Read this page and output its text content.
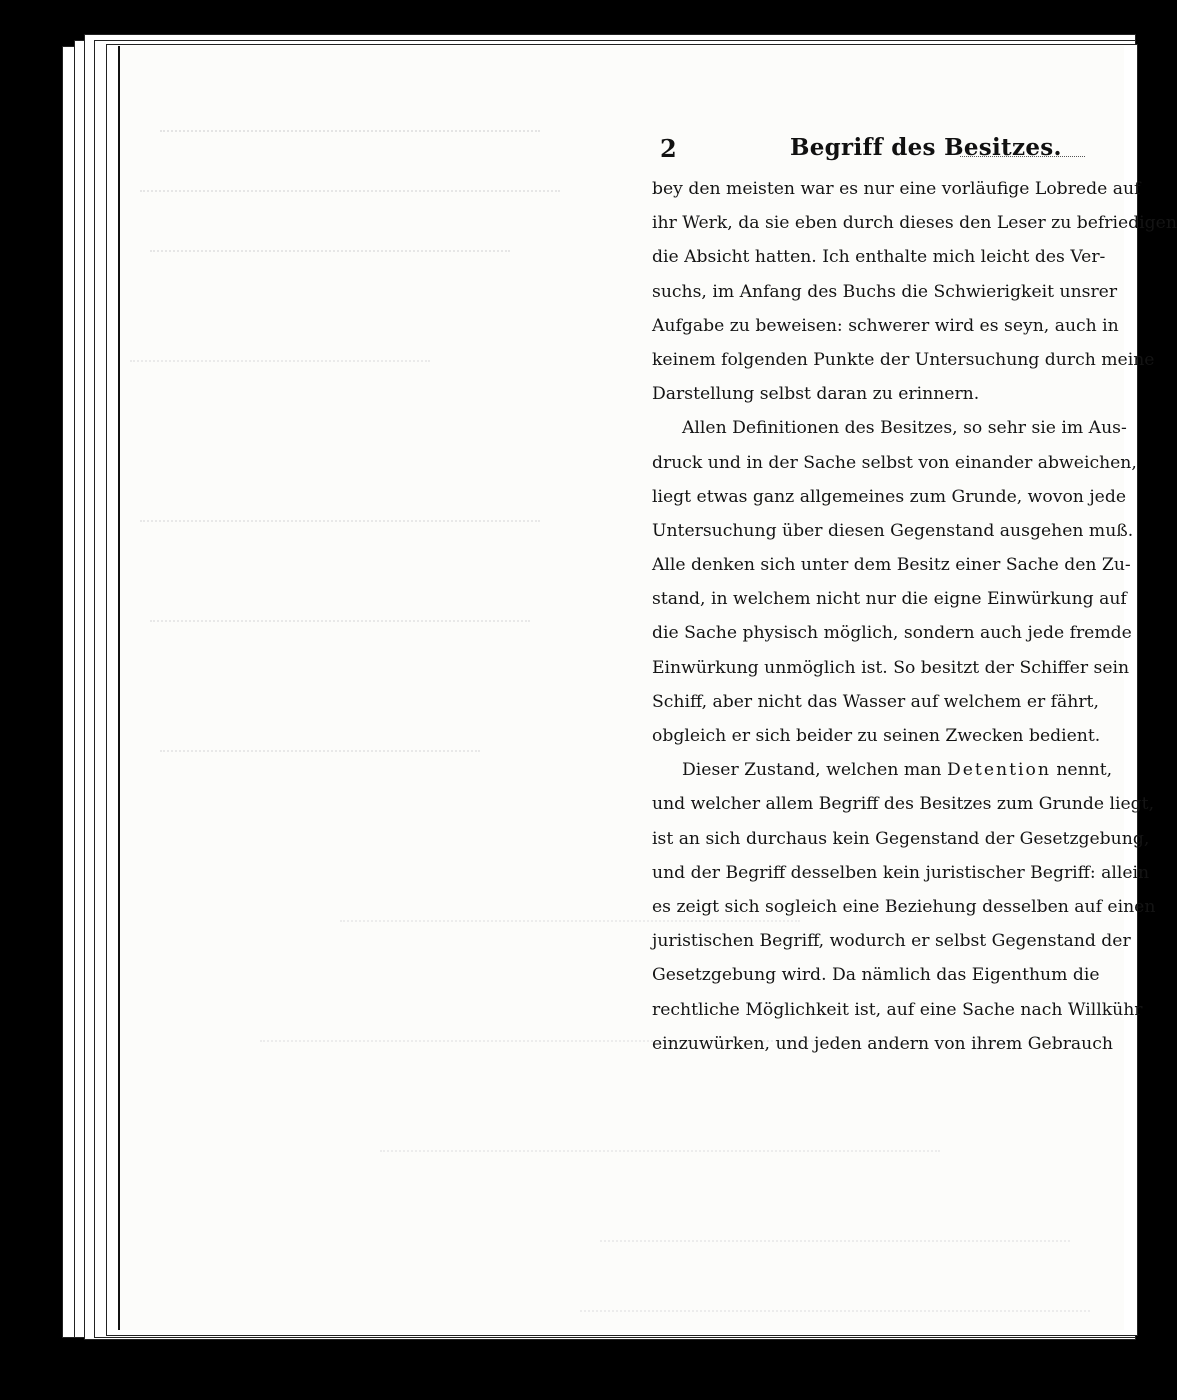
2	Begriff des Besitzes.
bey den meisten war es nur eine vorläufige Lobrede auf
ihr Werk, da sie eben durch dieses den Leser zu befriedigen
die Absicht hatten. Ich enthalte mich leicht des Ver-
suchs, im Anfang des Buchs die Schwierigkeit unsrer
Aufgabe zu beweisen: schwerer wird es seyn, auch in
keinem folgenden Punkte der Untersuchung durch meine
Darstellung selbst daran zu erinnern.
Allen Definitionen des Besitzes, so sehr sie im Aus-
druck und in der Sache selbst von einander abweichen,
liegt etwas ganz allgemeines zum Grunde, wovon jede
Untersuchung über diesen Gegenstand ausgehen muß.
Alle denken sich unter dem Besitz einer Sache den Zu-
stand, in welchem nicht nur die eigne Einwürkung auf
die Sache physisch möglich, sondern auch jede fremde
Einwürkung unmöglich ist. So besitzt der Schiffer sein
Schiff, aber nicht das Wasser auf welchem er fährt,
obgleich er sich beider zu seinen Zwecken bedient.
Dieser Zustand, welchen man Detention nennt,
und welcher allem Begriff des Besitzes zum Grunde liegt,
ist an sich durchaus kein Gegenstand der Gesetzgebung,
und der Begriff desselben kein juristischer Begriff: allein
es zeigt sich sogleich eine Beziehung desselben auf einen
juristischen Begriff, wodurch er selbst Gegenstand der
Gesetzgebung wird. Da nämlich das Eigenthum die
rechtliche Möglichkeit ist, auf eine Sache nach Willkühr
einzuwürken, und jeden andern von ihrem Gebrauch
